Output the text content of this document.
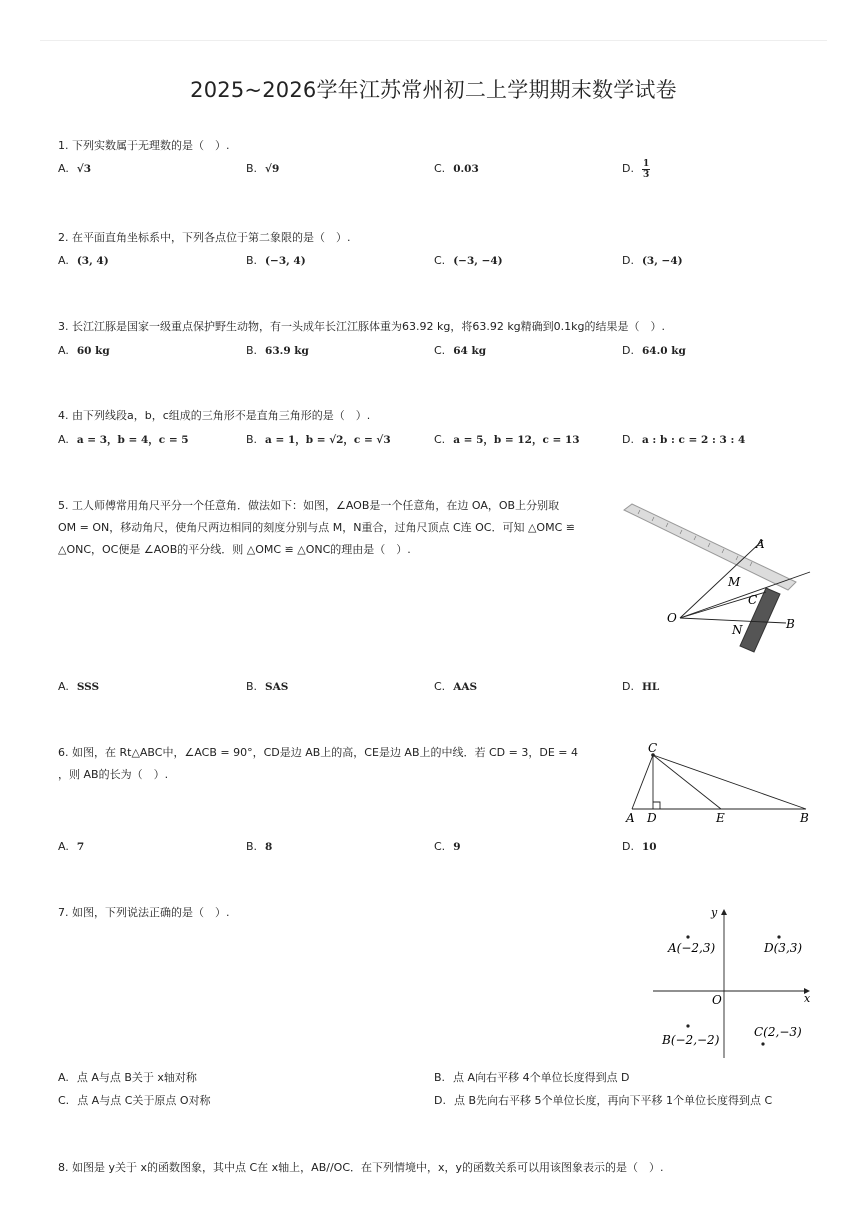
2025~2026学年江苏常州初二上学期期末数学试卷
1. 下列实数属于无理数的是（　）.
A. √3	B. √9	C. 0.03	D. $\frac{1}{3}$
2. 在平面直角坐标系中，下列各点位于第二象限的是（　）.
A. (3, 4)	B. (−3, 4)	C. (−3, −4)	D. (3, −4)
3. 长江江豚是国家一级重点保护野生动物，有一头成年长江江豚体重为63.92 kg，将63.92 kg精确到0.1kg的结果是（　）.
A. 60 kg	B. 63.9 kg	C. 64 kg	D. 64.0 kg
4. 由下列线段a，b，c组成的三角形不是直角三角形的是（　）.
A. a = 3，b = 4，c = 5	B. a = 1，b = √2，c = √3	C. a = 5，b = 12，c = 13	D. a : b : c = 2 : 3 : 4
5. 工人师傅常用角尺平分一个任意角．做法如下：如图，∠AOB是一个任意角，在边 OA，OB上分别取
OM = ON，移动角尺，使角尺两边相同的刻度分别与点 M，N重合，过角尺顶点 C连 OC．可知 △OMC ≌
△ONC，OC便是 ∠AOB的平分线．则 △OMC ≌ △ONC的理由是（　）.	A
M
C
O
N	B
A. SSS	B. SAS	C. AAS	D. HL
6. 如图，在 Rt△ABC中，∠ACB = 90°，CD是边 AB上的高，CE是边 AB上的中线．若 CD = 3，DE = 4
，则 AB的长为（　）.
C
A D	E	B
A. 7	B. 8	C. 9	D. 10
7. 如图，下列说法正确的是（　）.	y
x
O
A(−2,3)	D(3,3)
B(−2,−2)
C(2,−3)
A. 点 A与点 B关于 x轴对称	B. 点 A向右平移 4个单位长度得到点 D
C. 点 A与点 C关于原点 O对称	D. 点 B先向右平移 5个单位长度，再向下平移 1个单位长度得到点 C
8. 如图是 y关于 x的函数图象，其中点 C在 x轴上，AB//OC．在下列情境中，x，y的函数关系可以用该图象表示的是（　）.
